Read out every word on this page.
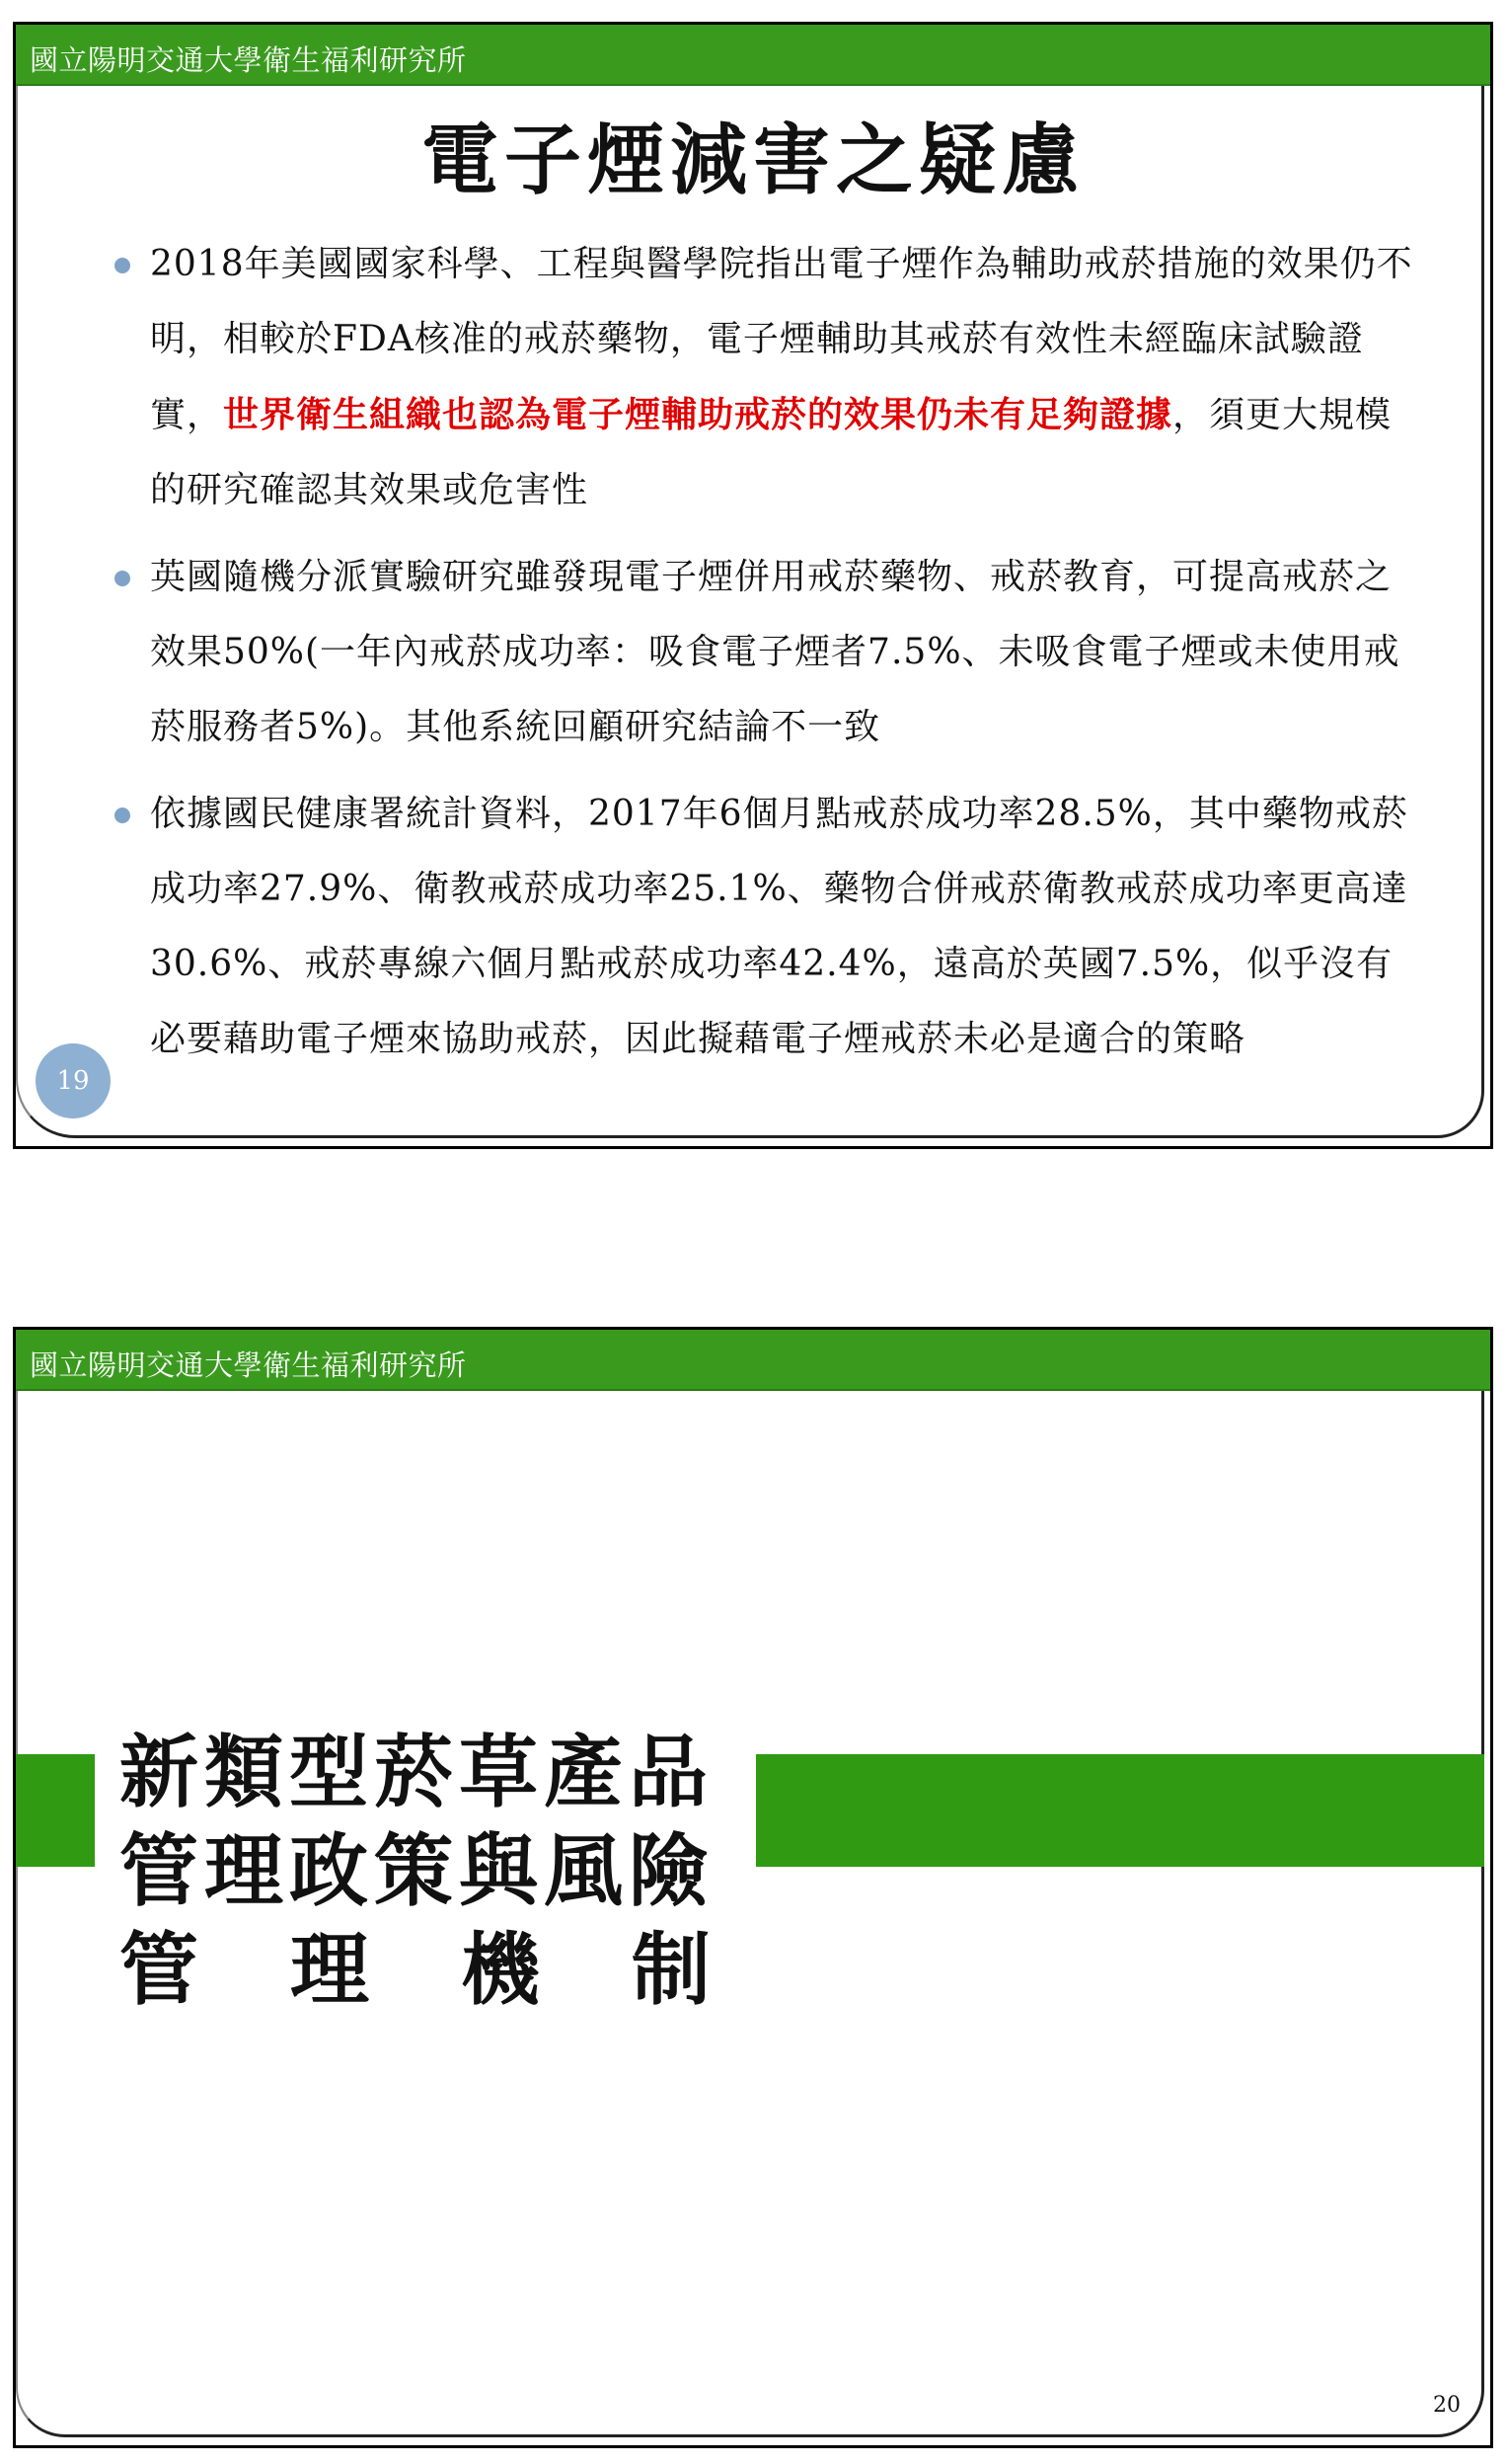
國立陽明交通大學衛生福利研究所
電子煙減害之疑慮
2018年美國國家科學、工程與醫學院指出電子煙作為輔助戒菸措施的效果仍不明，相較於FDA核准的戒菸藥物，電子煙輔助其戒菸有效性未經臨床試驗證實，世界衛生組織也認為電子煙輔助戒菸的效果仍未有足夠證據，須更大規模的研究確認其效果或危害性
英國隨機分派實驗研究雖發現電子煙併用戒菸藥物、戒菸教育，可提高戒菸之效果50%(一年內戒菸成功率：吸食電子煙者7.5%、未吸食電子煙或未使用戒菸服務者5%)。其他系統回顧研究結論不一致
依據國民健康署統計資料，2017年6個月點戒菸成功率28.5%，其中藥物戒菸成功率27.9%、衛教戒菸成功率25.1%、藥物合併戒菸衛教戒菸成功率更高達30.6%、戒菸專線六個月點戒菸成功率42.4%，遠高於英國7.5%，似乎沒有必要藉助電子煙來協助戒菸，因此擬藉電子煙戒菸未必是適合的策略
19
國立陽明交通大學衛生福利研究所
新類型菸草產品
管理政策與風險
管 理 機 制
20
